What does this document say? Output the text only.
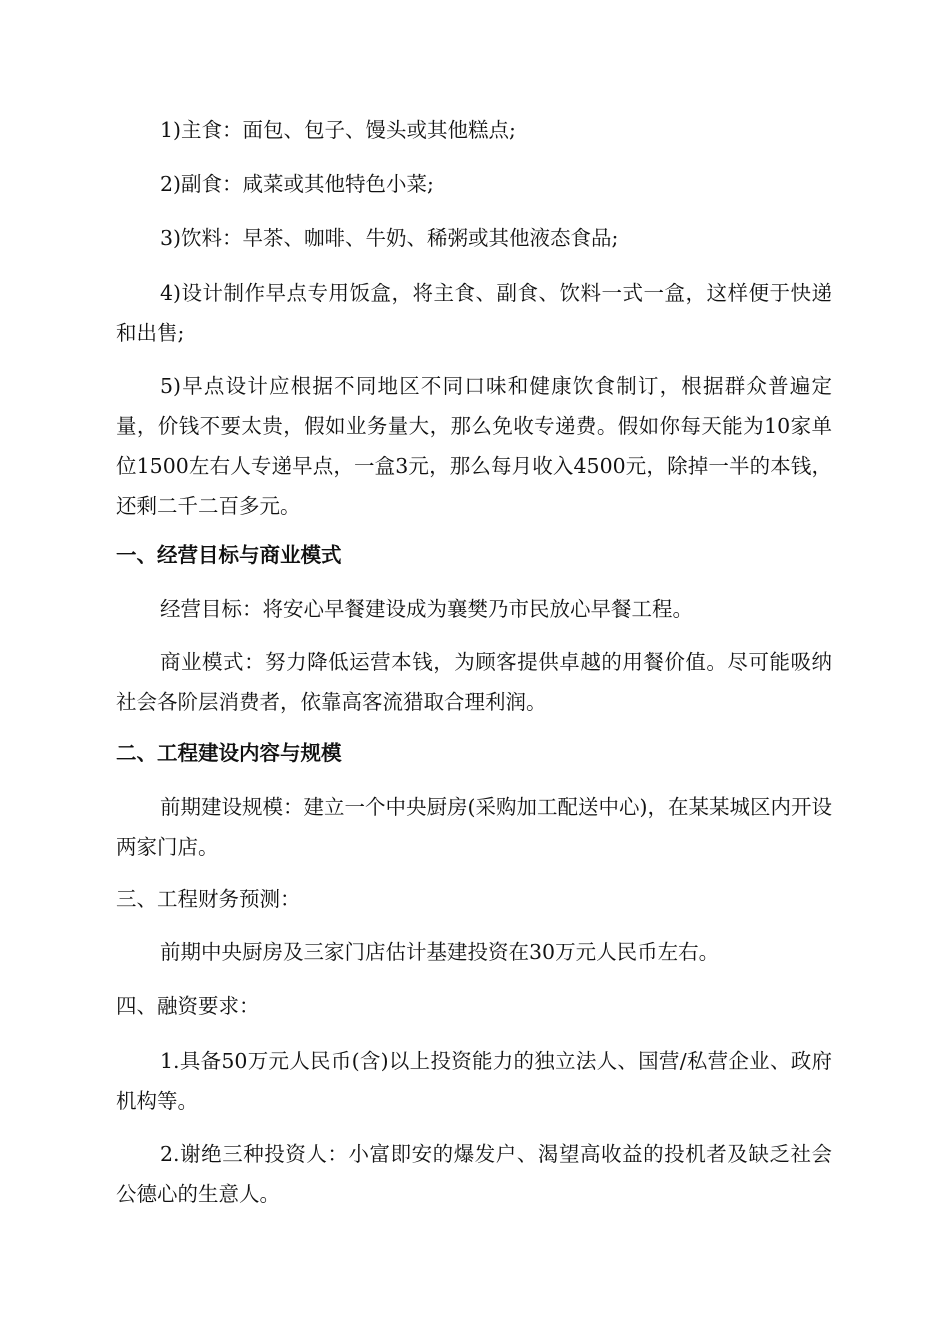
1)主食：面包、包子、馒头或其他糕点;

2)副食：咸菜或其他特色小菜;

3)饮料：早茶、咖啡、牛奶、稀粥或其他液态食品;

4)设计制作早点专用饭盒，将主食、副食、饮料一式一盒，这样便于快递和出售;

5)早点设计应根据不同地区不同口味和健康饮食制订，根据群众普遍定量，价钱不要太贵，假如业务量大，那么免收专递费。假如你每天能为10家单位1500左右人专递早点，一盒3元，那么每月收入4500元，除掉一半的本钱，还剩二千二百多元。

一、经营目标与商业模式

经营目标：将安心早餐建设成为襄樊乃市民放心早餐工程。

商业模式：努力降低运营本钱，为顾客提供卓越的用餐价值。尽可能吸纳社会各阶层消费者，依靠高客流猎取合理利润。

二、工程建设内容与规模

前期建设规模：建立一个中央厨房(采购加工配送中心)，在某某城区内开设两家门店。

三、工程财务预测：

前期中央厨房及三家门店估计基建投资在30万元人民币左右。

四、融资要求：

1.具备50万元人民币(含)以上投资能力的独立法人、国营/私营企业、政府机构等。

2.谢绝三种投资人：小富即安的爆发户、渴望高收益的投机者及缺乏社会公德心的生意人。
